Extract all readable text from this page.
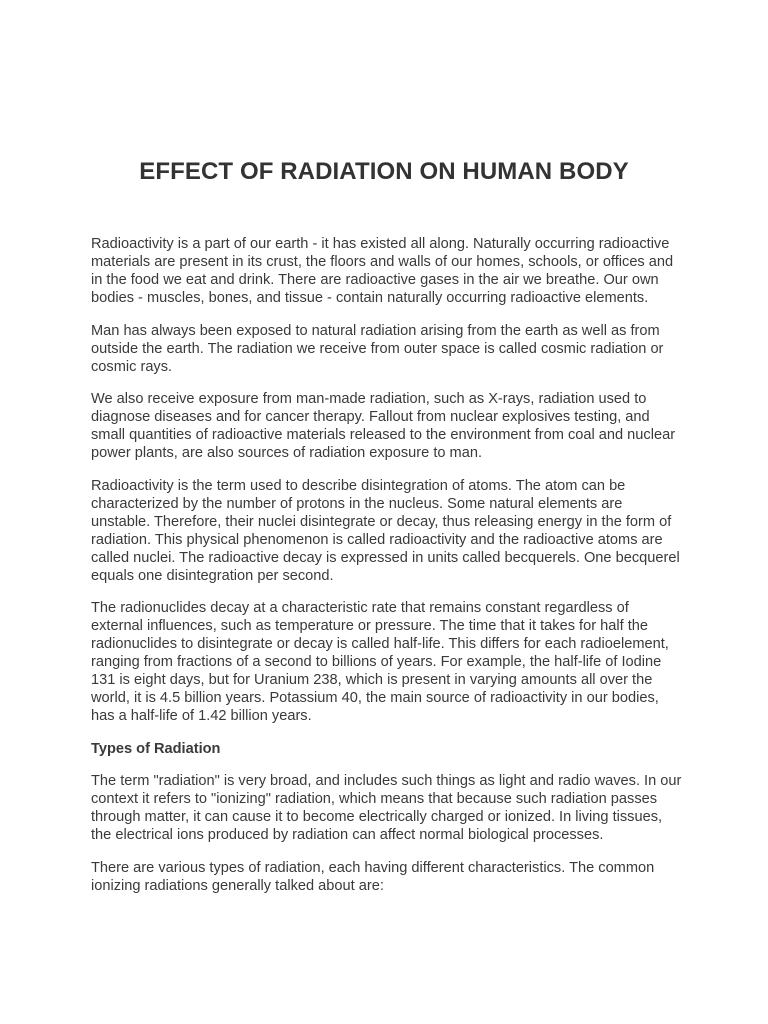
EFFECT OF RADIATION ON HUMAN BODY

Radioactivity is a part of our earth - it has existed all along. Naturally occurring radioactive materials are present in its crust, the floors and walls of our homes, schools, or offices and in the food we eat and drink. There are radioactive gases in the air we breathe. Our own bodies - muscles, bones, and tissue - contain naturally occurring radioactive elements.

Man has always been exposed to natural radiation arising from the earth as well as from outside the earth. The radiation we receive from outer space is called cosmic radiation or cosmic rays.

We also receive exposure from man-made radiation, such as X-rays, radiation used to diagnose diseases and for cancer therapy. Fallout from nuclear explosives testing, and small quantities of radioactive materials released to the environment from coal and nuclear power plants, are also sources of radiation exposure to man.

Radioactivity is the term used to describe disintegration of atoms. The atom can be characterized by the number of protons in the nucleus. Some natural elements are unstable. Therefore, their nuclei disintegrate or decay, thus releasing energy in the form of radiation. This physical phenomenon is called radioactivity and the radioactive atoms are called nuclei. The radioactive decay is expressed in units called becquerels. One becquerel equals one disintegration per second.

The radionuclides decay at a characteristic rate that remains constant regardless of external influences, such as temperature or pressure. The time that it takes for half the radionuclides to disintegrate or decay is called half-life. This differs for each radioelement, ranging from fractions of a second to billions of years. For example, the half-life of Iodine 131 is eight days, but for Uranium 238, which is present in varying amounts all over the world, it is 4.5 billion years. Potassium 40, the main source of radioactivity in our bodies, has a half-life of 1.42 billion years.

Types of Radiation

The term "radiation" is very broad, and includes such things as light and radio waves. In our context it refers to "ionizing" radiation, which means that because such radiation passes through matter, it can cause it to become electrically charged or ionized. In living tissues, the electrical ions produced by radiation can affect normal biological processes.

There are various types of radiation, each having different characteristics. The common ionizing radiations generally talked about are:
